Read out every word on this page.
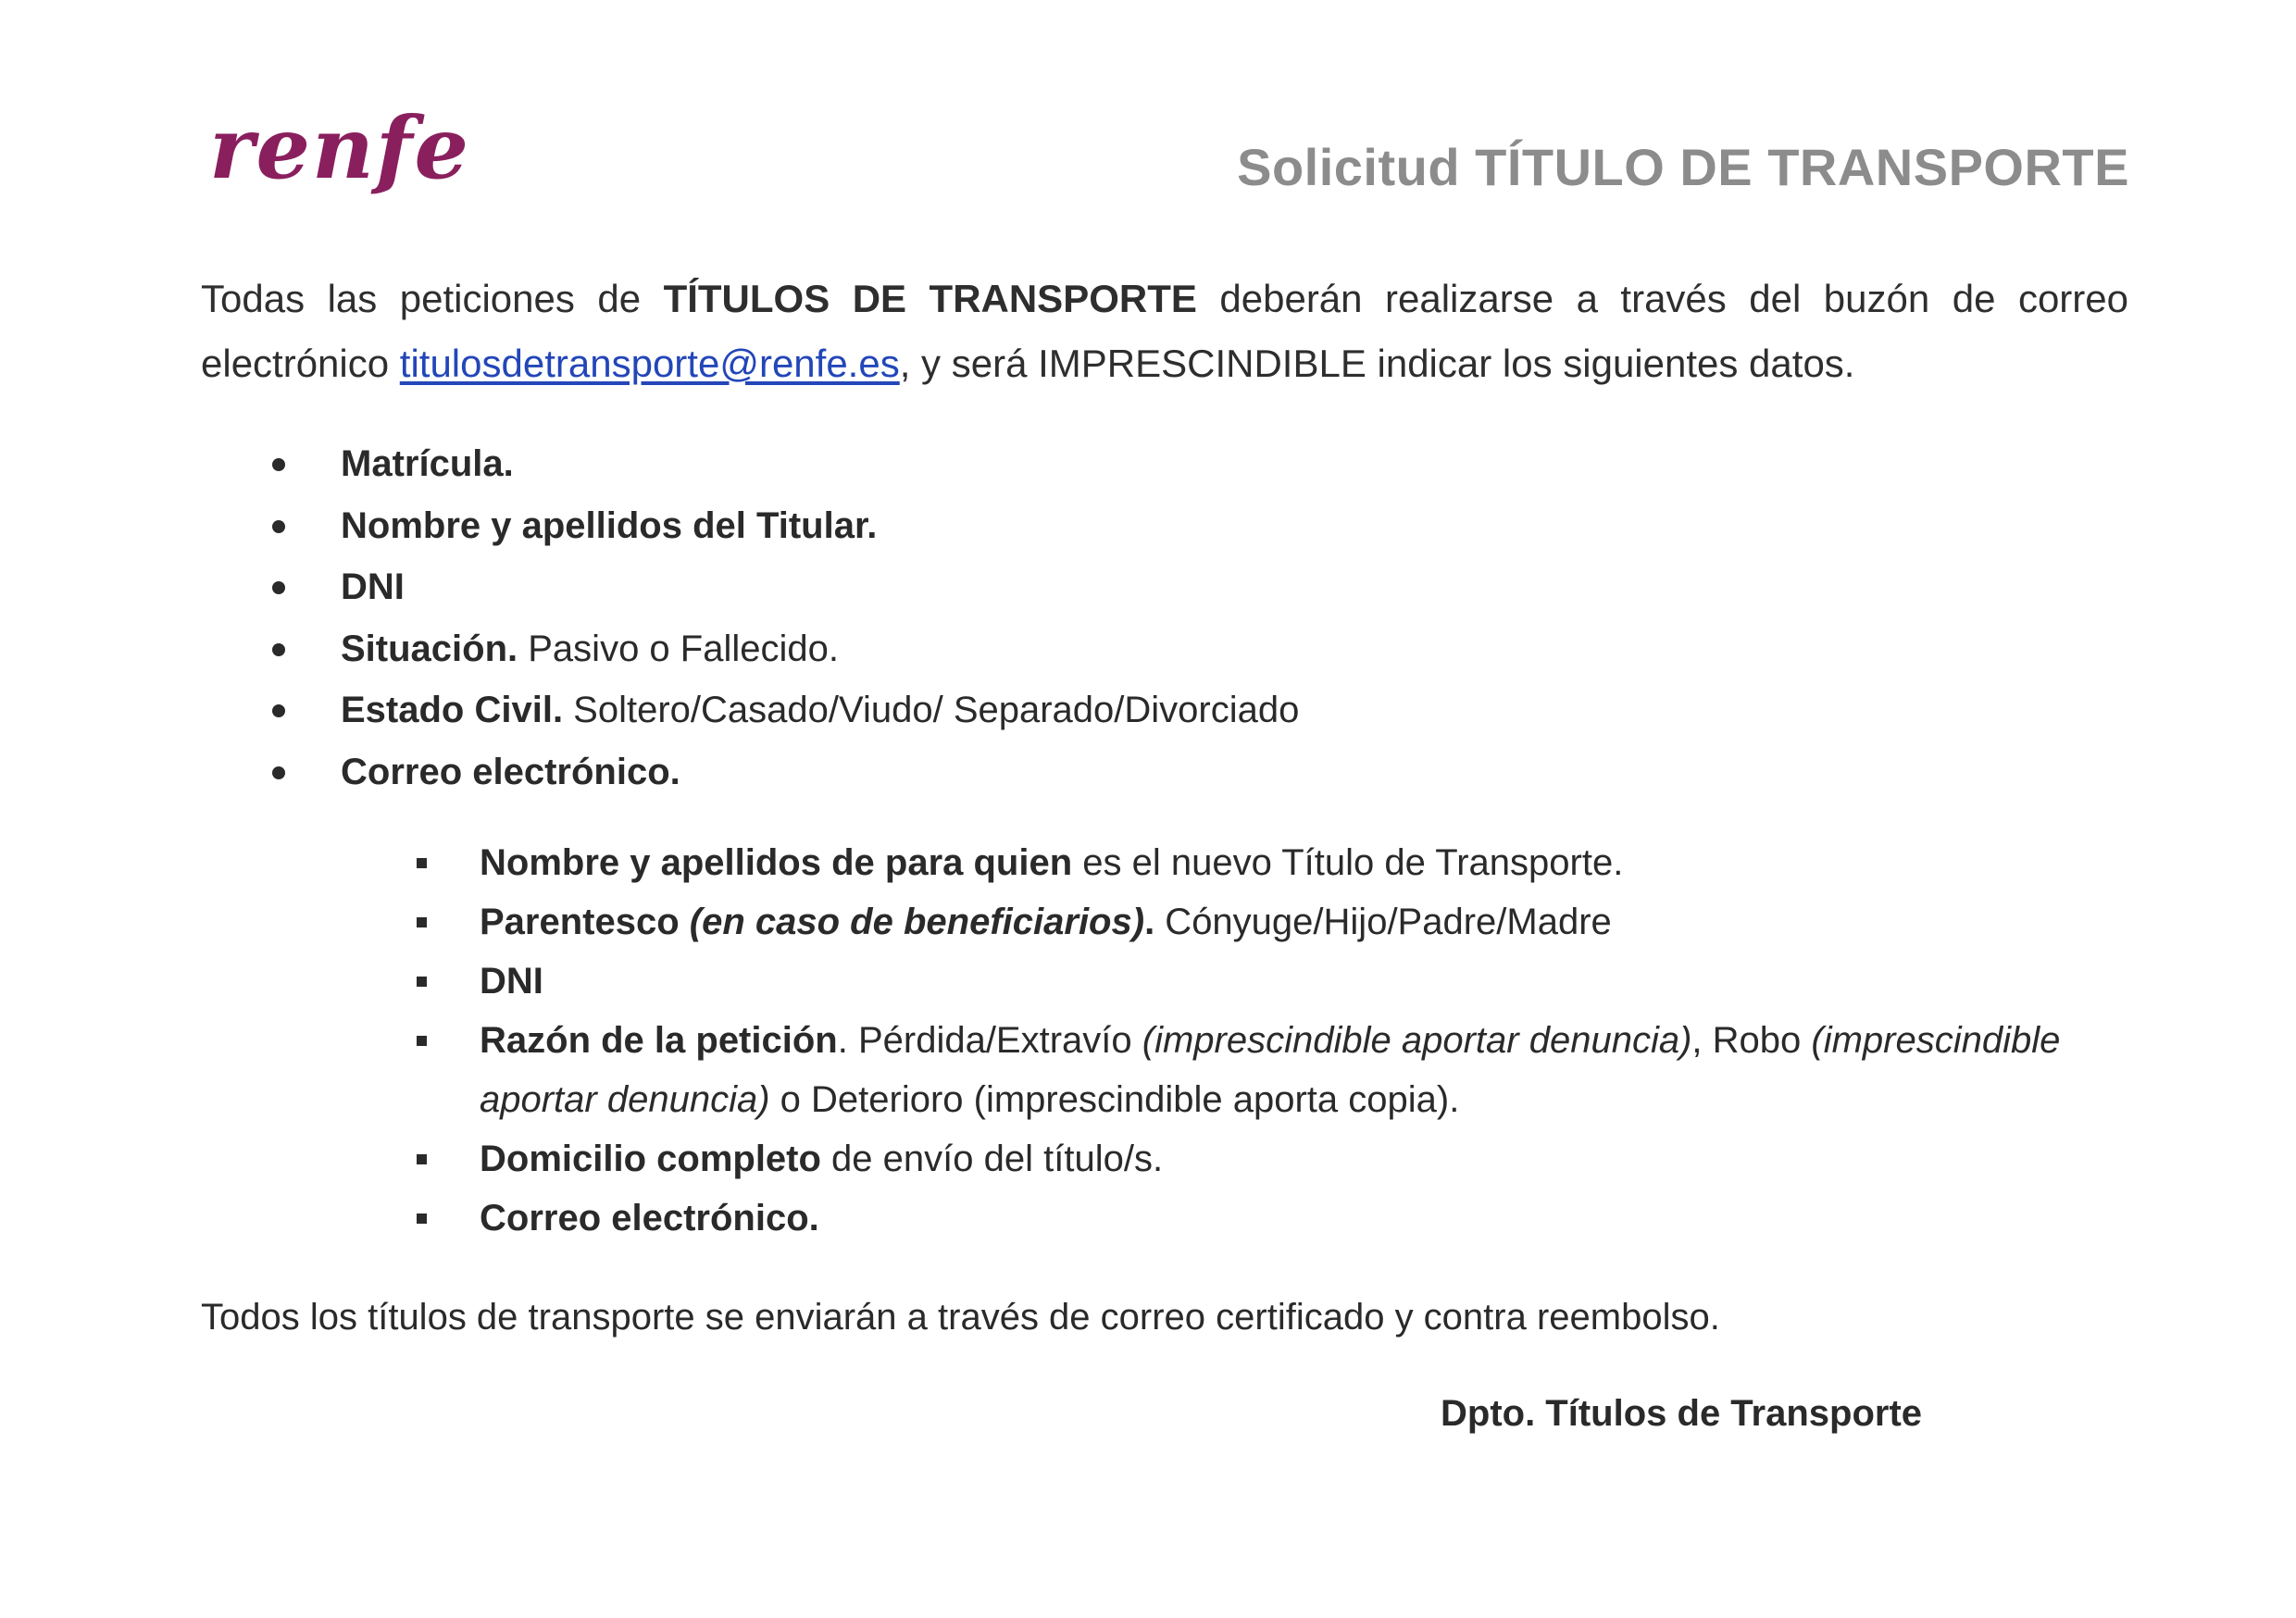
renfe	Solicitud TÍTULO DE TRANSPORTE
Todas las peticiones de TÍTULOS DE TRANSPORTE deberán realizarse a través del buzón de correo electrónico titulosdetransporte@renfe.es, y será IMPRESCINDIBLE indicar los siguientes datos.
Matrícula.
Nombre y apellidos del Titular.
DNI
Situación. Pasivo o Fallecido.
Estado Civil. Soltero/Casado/Viudo/ Separado/Divorciado
Correo electrónico.
Nombre y apellidos de para quien es el nuevo Título de Transporte.
Parentesco (en caso de beneficiarios). Cónyuge/Hijo/Padre/Madre
DNI
Razón de la petición. Pérdida/Extravío (imprescindible aportar denuncia), Robo (imprescindible aportar denuncia) o Deterioro (imprescindible aporta copia).
Domicilio completo de envío del título/s.
Correo electrónico.
Todos los títulos de transporte se enviarán a través de correo certificado y contra reembolso.
Dpto. Títulos de Transporte
